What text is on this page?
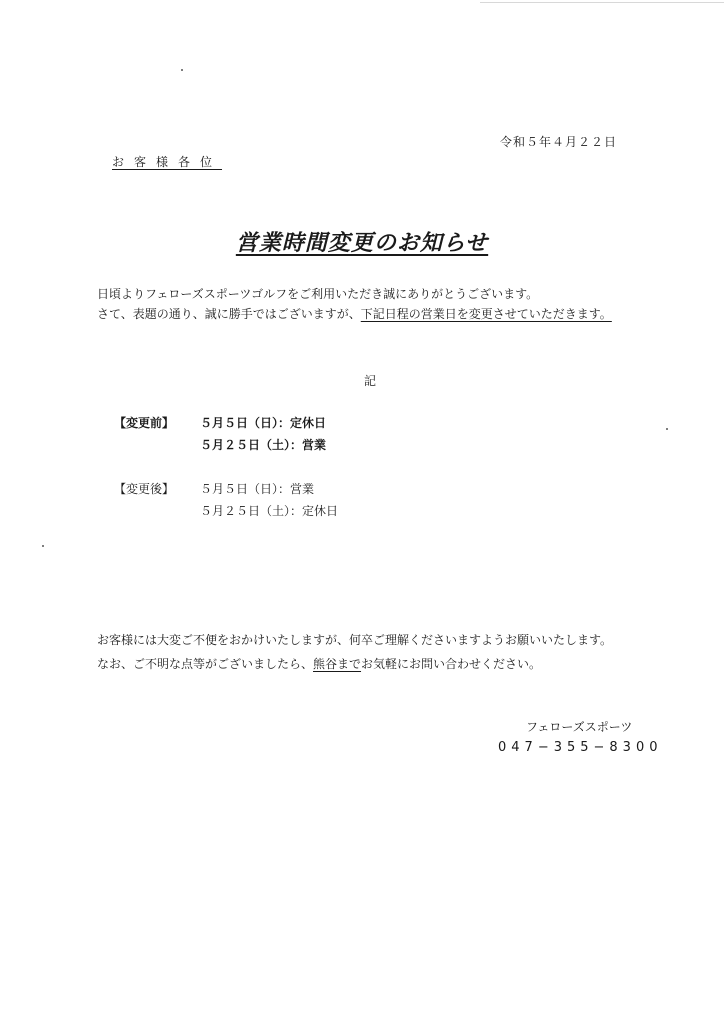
令和５年４月２２日
お客様各位
営業時間変更のお知らせ
日頃よりフェローズスポーツゴルフをご利用いただき誠にありがとうございます。
さて、表題の通り、誠に勝手ではございますが、下記日程の営業日を変更させていただきます。
記
【変更前】 ５月５日（日）：定休日
５月２５日（土）：営業
【変更後】 ５月５日（日）：営業
５月２５日（土）：定休日
お客様には大変ご不便をおかけいたしますが、何卒ご理解くださいますようお願いいたします。
なお、ご不明な点等がございましたら、熊谷までお気軽にお問い合わせください。
フェローズスポーツ
047−355−8300
